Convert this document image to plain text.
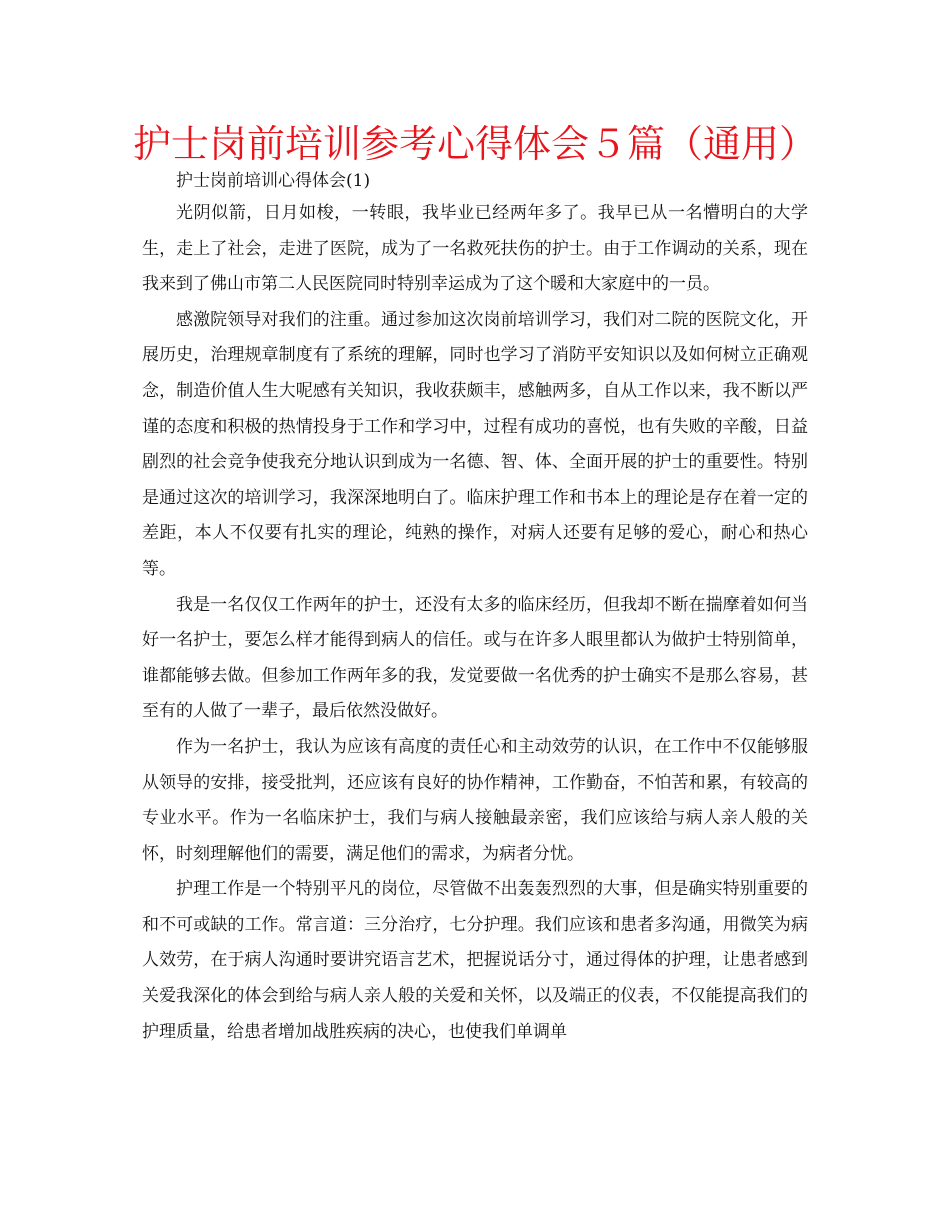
护士岗前培训参考心得体会５篇（通用）
护士岗前培训心得体会(1)

光阴似箭，日月如梭，一转眼，我毕业已经两年多了。我早已从一名懵明白的大学生，走上了社会，走进了医院，成为了一名救死扶伤的护士。由于工作调动的关系，现在我来到了佛山市第二人民医院同时特别幸运成为了这个暖和大家庭中的一员。

感激院领导对我们的注重。通过参加这次岗前培训学习，我们对二院的医院文化，开展历史，治理规章制度有了系统的理解，同时也学习了消防平安知识以及如何树立正确观念，制造价值人生大呢感有关知识，我收获颇丰，感触两多，自从工作以来，我不断以严谨的态度和积极的热情投身于工作和学习中，过程有成功的喜悦，也有失败的辛酸，日益剧烈的社会竞争使我充分地认识到成为一名德、智、体、全面开展的护士的重要性。特别是通过这次的培训学习，我深深地明白了。临床护理工作和书本上的理论是存在着一定的差距，本人不仅要有扎实的理论，纯熟的操作，对病人还要有足够的爱心，耐心和热心等。

我是一名仅仅工作两年的护士，还没有太多的临床经历，但我却不断在揣摩着如何当好一名护士，要怎么样才能得到病人的信任。或与在许多人眼里都认为做护士特别简单，谁都能够去做。但参加工作两年多的我，发觉要做一名优秀的护士确实不是那么容易，甚至有的人做了一辈子，最后依然没做好。

作为一名护士，我认为应该有高度的责任心和主动效劳的认识，在工作中不仅能够服从领导的安排，接受批判，还应该有良好的协作精神，工作勤奋，不怕苦和累，有较高的专业水平。作为一名临床护士，我们与病人接触最亲密，我们应该给与病人亲人般的关怀，时刻理解他们的需要，满足他们的需求，为病者分忧。

护理工作是一个特别平凡的岗位，尽管做不出轰轰烈烈的大事，但是确实特别重要的和不可或缺的工作。常言道：三分治疗，七分护理。我们应该和患者多沟通，用微笑为病人效劳，在于病人沟通时要讲究语言艺术，把握说话分寸，通过得体的护理，让患者感到关爱我深化的体会到给与病人亲人般的关爱和关怀，以及端正的仪表，不仅能提高我们的护理质量，给患者增加战胜疾病的决心，也使我们单调单
